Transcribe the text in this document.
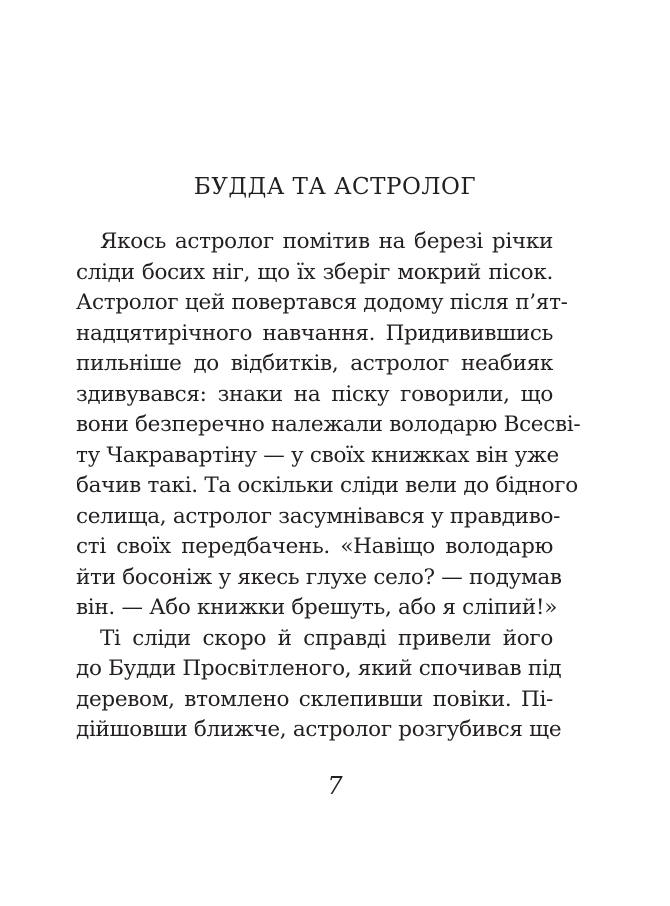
БУДДА ТА АСТРОЛОГ
Якось астролог помітив на березі річки
сліди босих ніг, що їх зберіг мокрий пісок.
Астролог цей повертався додому після п’ят-
надцятирічного навчання. Придивившись
пильніше до відбитків, астролог неабияк
здивувався: знаки на піску говорили, що
вони безперечно належали володарю Всесві-
ту Чакравартіну — у своїх книжках він уже
бачив такі. Та оскільки сліди вели до бідного
селища, астролог засумнівався у правдиво-
сті своїх передбачень. «Навіщо володарю
йти босоніж у якесь глухе село? — подумав
він. — Або книжки брешуть, або я сліпий!»
Ті сліди скоро й справді привели його
до Будди Просвітленого, який спочивав під
деревом, втомлено склепивши повіки. Пі-
дійшовши ближче, астролог розгубився ще
7
